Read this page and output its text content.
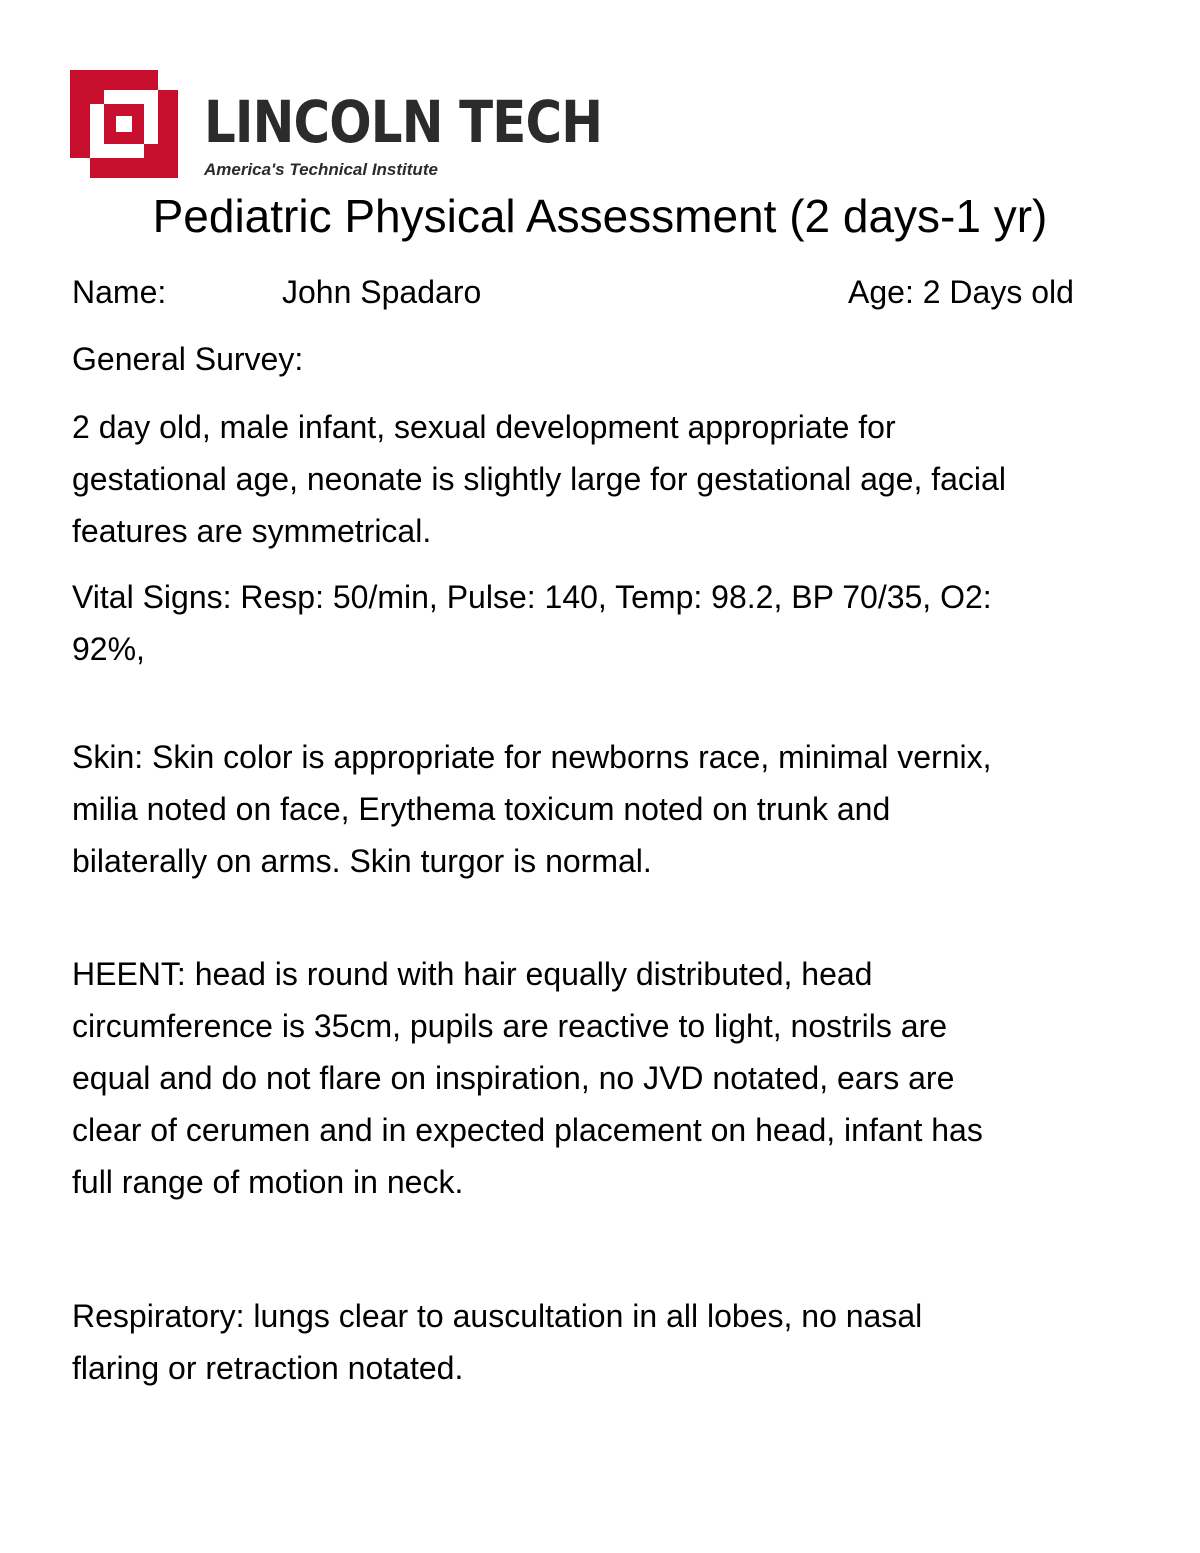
LINCOLN TECH
America's Technical Institute
Pediatric Physical Assessment (2 days-1 yr)
Name:	John Spadaro	Age: 2 Days old
General Survey:
2 day old, male infant, sexual development appropriate for
gestational age, neonate is slightly large for gestational age, facial
features are symmetrical.
Vital Signs: Resp: 50/min, Pulse: 140, Temp: 98.2, BP 70/35, O2:
92%,
Skin: Skin color is appropriate for newborns race, minimal vernix,
milia noted on face, Erythema toxicum noted on trunk and
bilaterally on arms. Skin turgor is normal.
HEENT: head is round with hair equally distributed, head
circumference is 35cm, pupils are reactive to light, nostrils are
equal and do not flare on inspiration, no JVD notated, ears are
clear of cerumen and in expected placement on head, infant has
full range of motion in neck.
Respiratory: lungs clear to auscultation in all lobes, no nasal
flaring or retraction notated.
